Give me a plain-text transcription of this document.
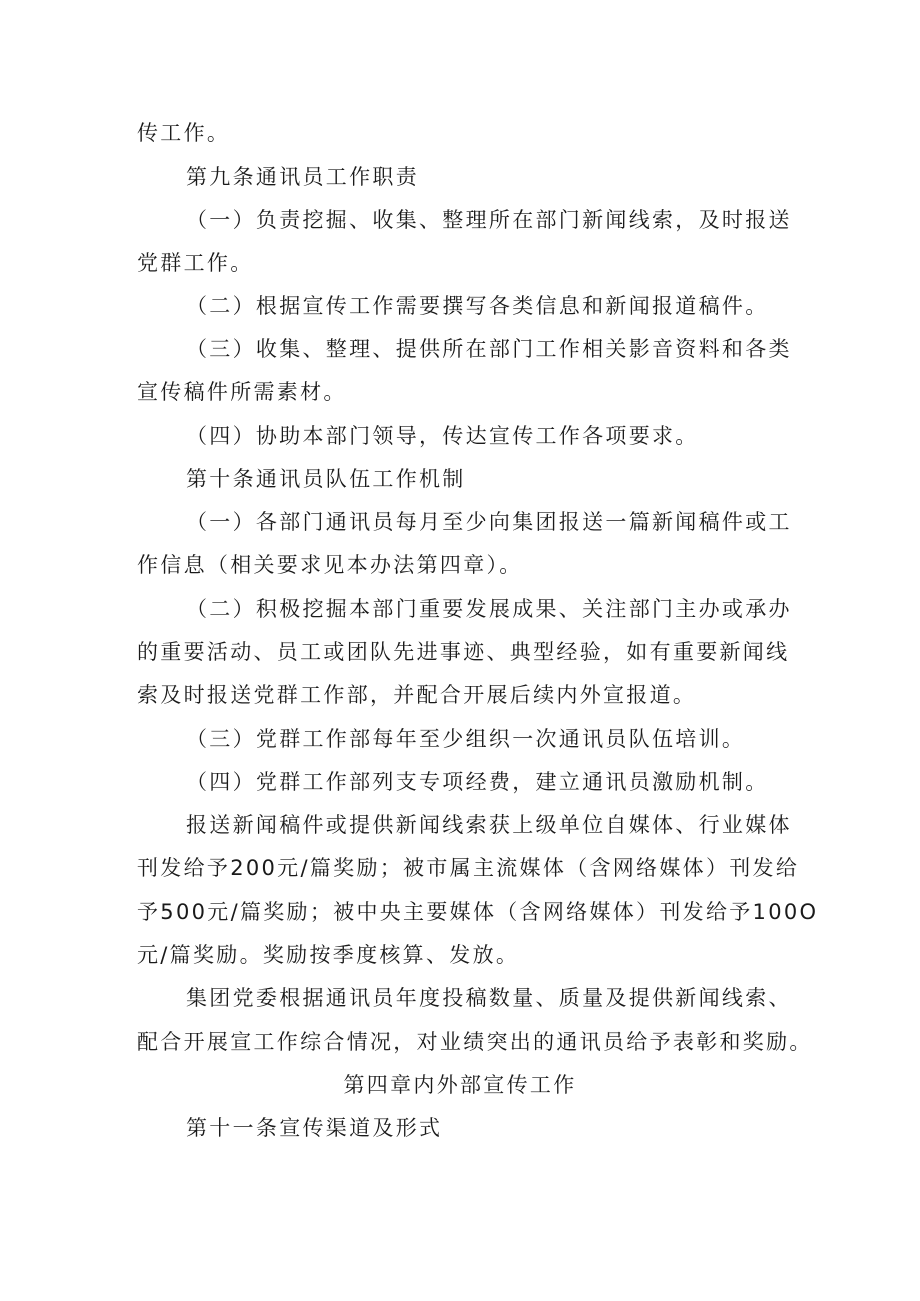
传工作。
第九条通讯员工作职责
（一）负责挖掘、收集、整理所在部门新闻线索，及时报送
党群工作。
（二）根据宣传工作需要撰写各类信息和新闻报道稿件。
（三）收集、整理、提供所在部门工作相关影音资料和各类
宣传稿件所需素材。
（四）协助本部门领导，传达宣传工作各项要求。
第十条通讯员队伍工作机制
（一）各部门通讯员每月至少向集团报送一篇新闻稿件或工
作信息（相关要求见本办法第四章）。
（二）积极挖掘本部门重要发展成果、关注部门主办或承办
的重要活动、员工或团队先进事迹、典型经验，如有重要新闻线
索及时报送党群工作部，并配合开展后续内外宣报道。
（三）党群工作部每年至少组织一次通讯员队伍培训。
（四）党群工作部列支专项经费，建立通讯员激励机制。
报送新闻稿件或提供新闻线索获上级单位自媒体、行业媒体
刊发给予200元/篇奖励；被市属主流媒体（含网络媒体）刊发给
予500元/篇奖励；被中央主要媒体（含网络媒体）刊发给予100O
元/篇奖励。奖励按季度核算、发放。
集团党委根据通讯员年度投稿数量、质量及提供新闻线索、
配合开展宣工作综合情况，对业绩突出的通讯员给予表彰和奖励。
第四章内外部宣传工作
第十一条宣传渠道及形式
